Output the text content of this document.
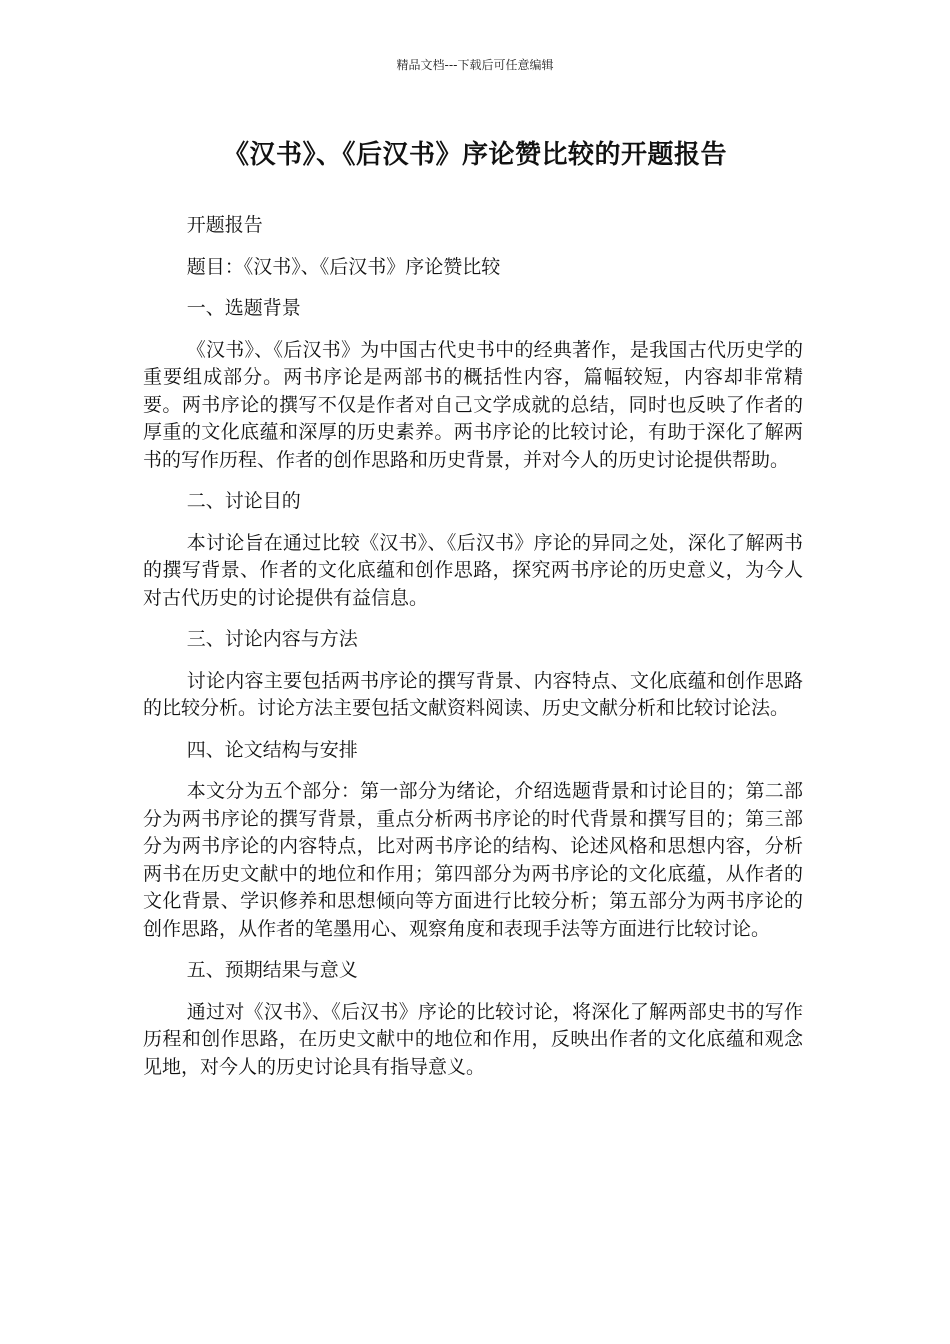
精品文档---下载后可任意编辑
《汉书》、《后汉书》序论赞比较的开题报告

开题报告

题目：《汉书》、《后汉书》序论赞比较

一、选题背景

《汉书》、《后汉书》为中国古代史书中的经典著作，是我国古代历史学的重要组成部分。两书序论是两部书的概括性内容，篇幅较短，内容却非常精要。两书序论的撰写不仅是作者对自己文学成就的总结，同时也反映了作者的厚重的文化底蕴和深厚的历史素养。两书序论的比较讨论，有助于深化了解两书的写作历程、作者的创作思路和历史背景，并对今人的历史讨论提供帮助。

二、讨论目的

本讨论旨在通过比较《汉书》、《后汉书》序论的异同之处，深化了解两书的撰写背景、作者的文化底蕴和创作思路，探究两书序论的历史意义，为今人对古代历史的讨论提供有益信息。

三、讨论内容与方法

讨论内容主要包括两书序论的撰写背景、内容特点、文化底蕴和创作思路的比较分析。讨论方法主要包括文献资料阅读、历史文献分析和比较讨论法。

四、论文结构与安排

本文分为五个部分：第一部分为绪论，介绍选题背景和讨论目的；第二部分为两书序论的撰写背景，重点分析两书序论的时代背景和撰写目的；第三部分为两书序论的内容特点，比对两书序论的结构、论述风格和思想内容，分析两书在历史文献中的地位和作用；第四部分为两书序论的文化底蕴，从作者的文化背景、学识修养和思想倾向等方面进行比较分析；第五部分为两书序论的创作思路，从作者的笔墨用心、观察角度和表现手法等方面进行比较讨论。

五、预期结果与意义

通过对《汉书》、《后汉书》序论的比较讨论，将深化了解两部史书的写作历程和创作思路，在历史文献中的地位和作用，反映出作者的文化底蕴和观念见地，对今人的历史讨论具有指导意义。
